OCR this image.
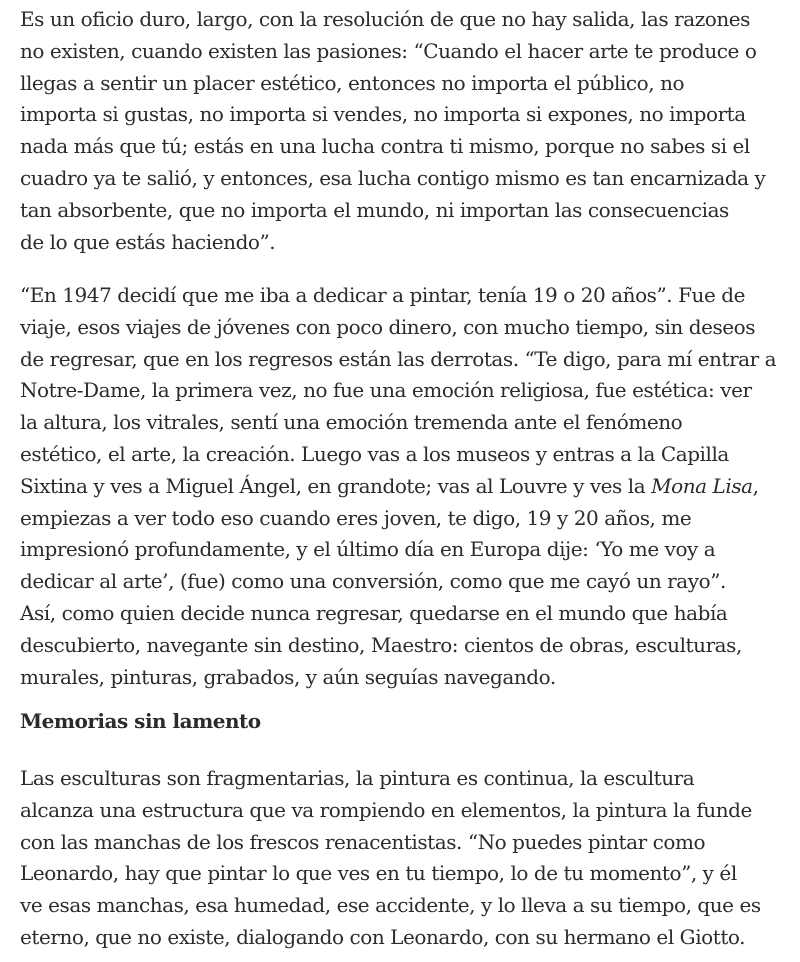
Es un oficio duro, largo, con la resolución de que no hay salida, las razones
no existen, cuando existen las pasiones: “Cuando el hacer arte te produce o
llegas a sentir un placer estético, entonces no importa el público, no
importa si gustas, no importa si vendes, no importa si expones, no importa
nada más que tú; estás en una lucha contra ti mismo, porque no sabes si el
cuadro ya te salió, y entonces, esa lucha contigo mismo es tan encarnizada y
tan absorbente, que no importa el mundo, ni importan las consecuencias
de lo que estás haciendo”.

“En 1947 decidí que me iba a dedicar a pintar, tenía 19 o 20 años”. Fue de
viaje, esos viajes de jóvenes con poco dinero, con mucho tiempo, sin deseos
de regresar, que en los regresos están las derrotas. “Te digo, para mí entrar a
Notre-Dame, la primera vez, no fue una emoción religiosa, fue estética: ver
la altura, los vitrales, sentí una emoción tremenda ante el fenómeno
estético, el arte, la creación. Luego vas a los museos y entras a la Capilla
Sixtina y ves a Miguel Ángel, en grandote; vas al Louvre y ves la Mona Lisa,
empiezas a ver todo eso cuando eres joven, te digo, 19 y 20 años, me
impresionó profundamente, y el último día en Europa dije: ‘Yo me voy a
dedicar al arte’, (fue) como una conversión, como que me cayó un rayo”.
Así, como quien decide nunca regresar, quedarse en el mundo que había
descubierto, navegante sin destino, Maestro: cientos de obras, esculturas,
murales, pinturas, grabados, y aún seguías navegando.

Memorias sin lamento

Las esculturas son fragmentarias, la pintura es continua, la escultura
alcanza una estructura que va rompiendo en elementos, la pintura la funde
con las manchas de los frescos renacentistas. “No puedes pintar como
Leonardo, hay que pintar lo que ves en tu tiempo, lo de tu momento”, y él
ve esas manchas, esa humedad, ese accidente, y lo lleva a su tiempo, que es
eterno, que no existe, dialogando con Leonardo, con su hermano el Giotto.
